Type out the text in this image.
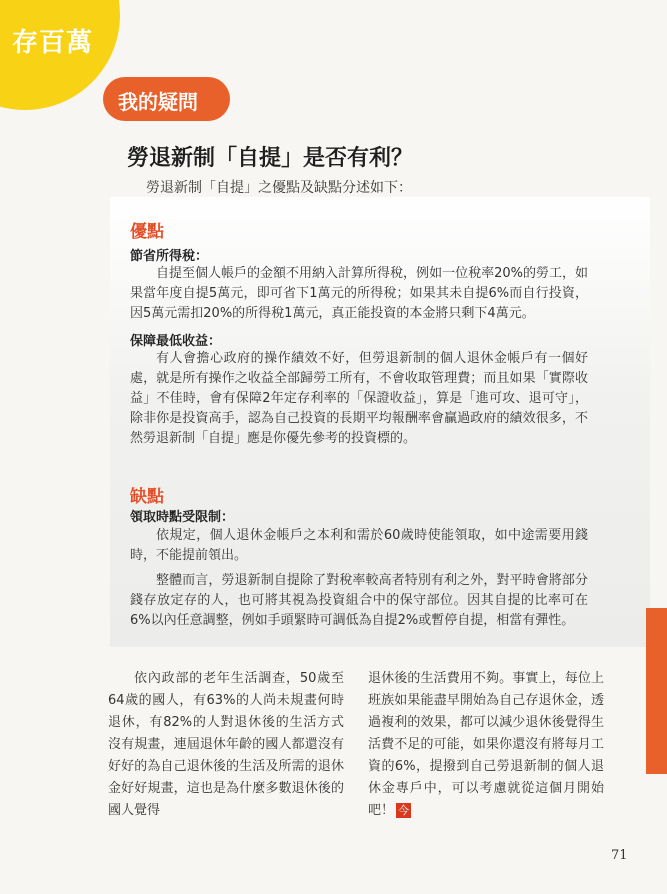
存百萬
我的疑問
勞退新制「自提」是否有利？
勞退新制「自提」之優點及缺點分述如下：
優點
節省所得稅：

自提至個人帳戶的金額不用納入計算所得稅，例如一位稅率20%的勞工，如果當年度自提5萬元，即可省下1萬元的所得稅；如果其未自提6%而自行投資，因5萬元需扣20%的所得稅1萬元，真正能投資的本金將只剩下4萬元。

保障最低收益：

有人會擔心政府的操作績效不好，但勞退新制的個人退休金帳戶有一個好處，就是所有操作之收益全部歸勞工所有，不會收取管理費；而且如果「實際收益」不佳時，會有保障2年定存利率的「保證收益」，算是「進可攻、退可守」，除非你是投資高手，認為自己投資的長期平均報酬率會贏過政府的績效很多，不然勞退新制「自提」應是你優先參考的投資標的。

缺點
領取時點受限制：

依規定，個人退休金帳戶之本利和需於60歲時使能領取，如中途需要用錢時，不能提前領出。

整體而言，勞退新制自提除了對稅率較高者特別有利之外，對平時會將部分錢存放定存的人，也可將其視為投資組合中的保守部位。因其自提的比率可在6%以內任意調整，例如手頭緊時可調低為自提2%或暫停自提，相當有彈性。

依內政部的老年生活調查，50歲至64歲的國人，有63%的人尚未規畫何時退休，有82%的人對退休後的生活方式沒有規畫，連屆退休年齡的國人都還沒有好好的為自己退休後的生活及所需的退休金好好規畫，這也是為什麼多數退休後的國人覺得

退休後的生活費用不夠。事實上，每位上班族如果能盡早開始為自己存退休金，透過複利的效果，都可以減少退休後覺得生活費不足的可能，如果你還沒有將每月工資的6%，提撥到自己勞退新制的個人退休金專戶中，可以考慮就從這個月開始吧！ 今

71
